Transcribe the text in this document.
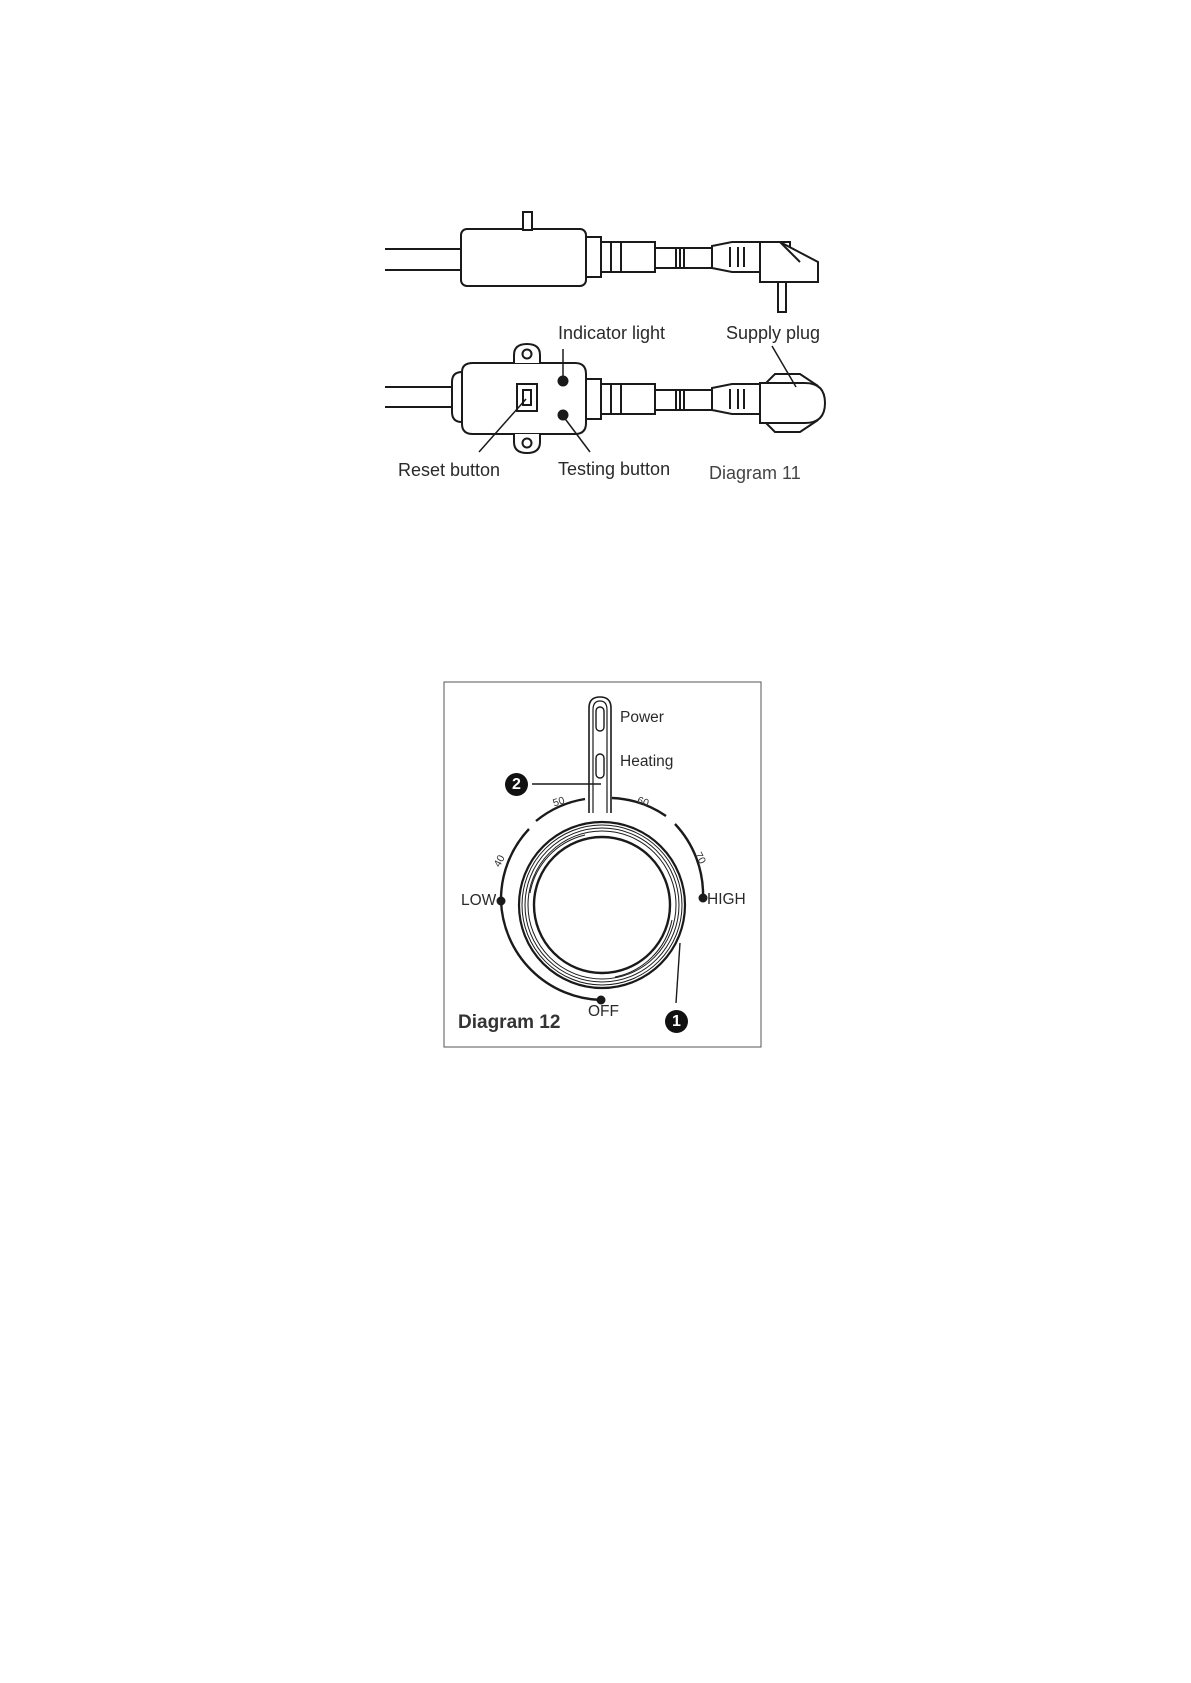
Indicator light	Supply plug
Reset button	Testing button Diagram 11
Power
Heating
LOW	HIGH
OFF
40
50	60
70
2
1
Diagram 12
